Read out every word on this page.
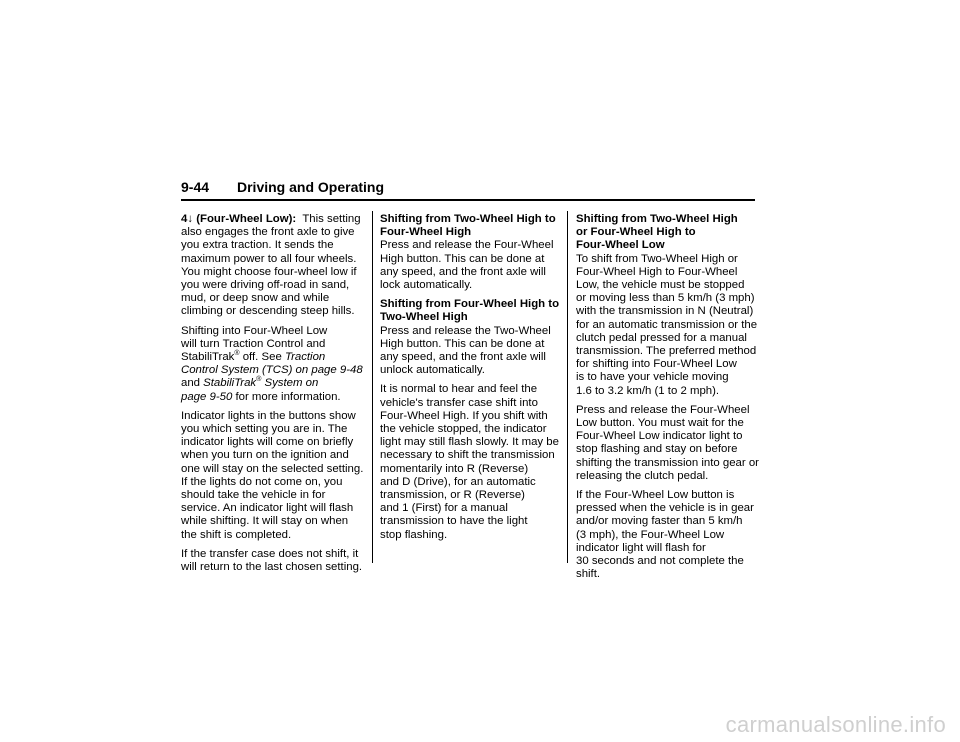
9-44	Driving and Operating

4↓ (Four-Wheel Low): This setting
also engages the front axle to give
you extra traction. It sends the
maximum power to all four wheels.
You might choose four-wheel low if
you were driving off-road in sand,
mud, or deep snow and while
climbing or descending steep hills.

Shifting into Four-Wheel Low
will turn Traction Control and
StabiliTrak® off. See Traction
Control System (TCS) on page 9-48
and StabiliTrak® System on
page 9-50 for more information.

Indicator lights in the buttons show
you which setting you are in. The
indicator lights will come on briefly
when you turn on the ignition and
one will stay on the selected setting.
If the lights do not come on, you
should take the vehicle in for
service. An indicator light will flash
while shifting. It will stay on when
the shift is completed.

If the transfer case does not shift, it
will return to the last chosen setting.

Shifting from Two-Wheel High to
Four-Wheel High

Press and release the Four-Wheel
High button. This can be done at
any speed, and the front axle will
lock automatically.

Shifting from Four-Wheel High to
Two-Wheel High

Press and release the Two-Wheel
High button. This can be done at
any speed, and the front axle will
unlock automatically.

It is normal to hear and feel the
vehicle's transfer case shift into
Four-Wheel High. If you shift with
the vehicle stopped, the indicator
light may still flash slowly. It may be
necessary to shift the transmission
momentarily into R (Reverse)
and D (Drive), for an automatic
transmission, or R (Reverse)
and 1 (First) for a manual
transmission to have the light
stop flashing.

Shifting from Two-Wheel High
or Four-Wheel High to
Four-Wheel Low

To shift from Two-Wheel High or
Four-Wheel High to Four-Wheel
Low, the vehicle must be stopped
or moving less than 5 km/h (3 mph)
with the transmission in N (Neutral)
for an automatic transmission or the
clutch pedal pressed for a manual
transmission. The preferred method
for shifting into Four-Wheel Low
is to have your vehicle moving
1.6 to 3.2 km/h (1 to 2 mph).

Press and release the Four-Wheel
Low button. You must wait for the
Four-Wheel Low indicator light to
stop flashing and stay on before
shifting the transmission into gear or
releasing the clutch pedal.

If the Four-Wheel Low button is
pressed when the vehicle is in gear
and/or moving faster than 5 km/h
(3 mph), the Four-Wheel Low
indicator light will flash for
30 seconds and not complete the
shift.

carmanualsonline.info
